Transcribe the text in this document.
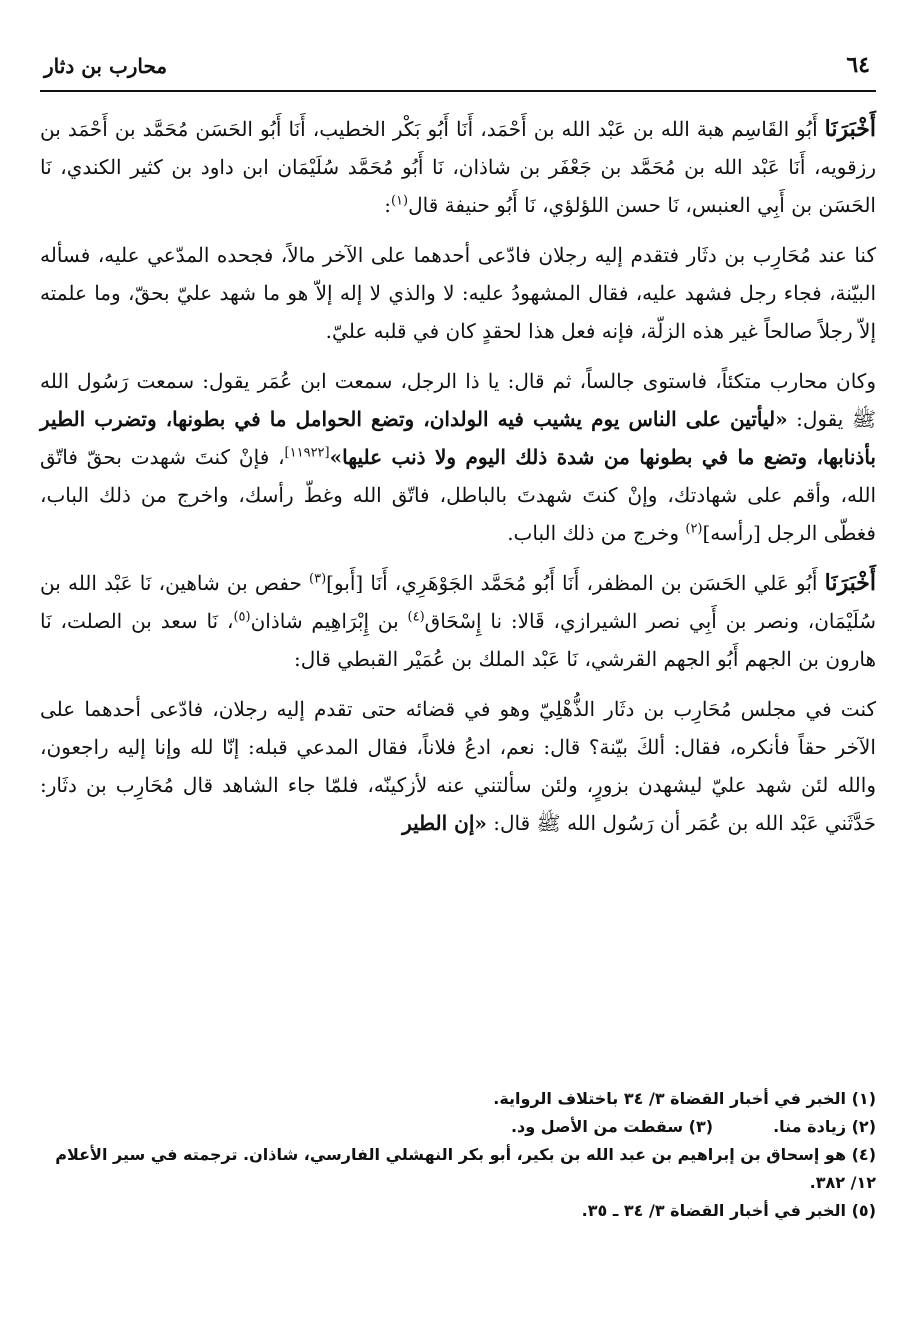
٦٤
محارب بن دثار

أَخْبَرَنَا أَبُو القَاسِم هبة الله بن عَبْد الله بن أَحْمَد، أَنَا أَبُو بَكْر الخطيب، أَنَا أَبُو الحَسَن مُحَمَّد بن أَحْمَد بن رزقويه، أَنَا عَبْد الله بن مُحَمَّد بن جَعْفَر بن شاذان، نَا أَبُو مُحَمَّد سُلَيْمَان ابن داود بن كثير الكندي، نَا الحَسَن بن أَبِي العنبس، نَا حسن اللؤلؤي، نَا أَبُو حنيفة قال$^{(١)}$:

كنا عند مُحَارِب بن دثَار فتقدم إليه رجلان فادّعى أحدهما على الآخر مالاً، فجحده المدّعي عليه، فسأله البيّنة، فجاء رجل فشهد عليه، فقال المشهودُ عليه: لا والذي لا إله إلاّ هو ما شهد عليّ بحقّ، وما علمته إلاّ رجلاً صالحاً غير هذه الزلّة، فإنه فعل هذا لحقدٍ كان في قلبه عليّ.

وكان محارب متكئاً، فاستوى جالساً، ثم قال: يا ذا الرجل، سمعت ابن عُمَر يقول: سمعت رَسُول الله ﷺ يقول: «ليأتين على الناس يوم يشيب فيه الولدان، وتضع الحوامل ما في بطونها، وتضرب الطير بأذنابها، وتضع ما في بطونها من شدة ذلك اليوم ولا ذنب عليها»[١١٩٢٢]، فإنْ كنتَ شهدت بحقّ فاتّق الله، وأقم على شهادتك، وإنْ كنتَ شهدتَ بالباطل، فاتّق الله وغطّ رأسك، واخرج من ذلك الباب، فغطّى الرجل [رأسه]$^{(٢)}$ وخرج من ذلك الباب.

أَخْبَرَنَا أَبُو عَلي الحَسَن بن المظفر، أَنَا أَبُو مُحَمَّد الجَوْهَرِي، أَنَا [أَبو]$^{(٣)}$ حفص بن شاهين، نَا عَبْد الله بن سُلَيْمَان، ونصر بن أَبِي نصر الشيرازي، قَالا: نا إِسْحَاق$^{(٤)}$ بن إِبْرَاهِيم شاذان$^{(٥)}$، نَا سعد بن الصلت، نَا هارون بن الجهم أَبُو الجهم القرشي، نَا عَبْد الملك بن عُمَيْر القبطي قال:

كنت في مجلس مُحَارِب بن دثَار الذُّهْلِيّ وهو في قضائه حتى تقدم إليه رجلان، فادّعى أحدهما على الآخر حقاً فأنكره، فقال: ألكَ بيّنة؟ قال: نعم، ادعُ فلاناً، فقال المدعي قبله: إنّا لله وإنا إليه راجعون، والله لئن شهد عليّ ليشهدن بزورٍ، ولئن سألتني عنه لأزكينّه، فلمّا جاء الشاهد قال مُحَارِب بن دثَار: حَدَّثَني عَبْد الله بن عُمَر أن رَسُول الله ﷺ قال: «إن الطير

(١) الخبر في أخبار القضاة ٣/ ٣٤ باختلاف الرواية.

(٢) زيادة منا.

(٣) سقطت من الأصل ود.

(٤) هو إسحاق بن إبراهيم بن عبد الله بن بكير، أبو بكر النهشلي الفارسي، شاذان. ترجمته في سير الأعلام ١٢/ ٣٨٢.

(٥) الخبر في أخبار القضاة ٣/ ٣٤ ـ ٣٥.
